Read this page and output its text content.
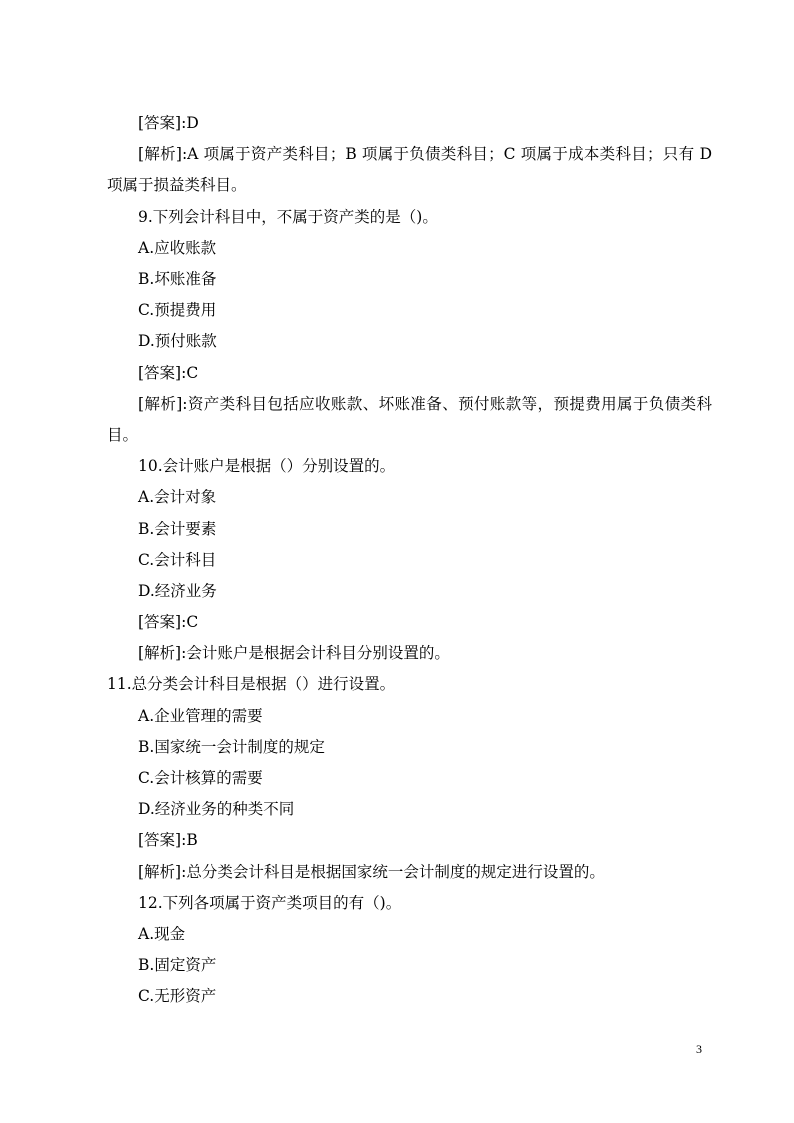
[答案]:D
[解析]:A 项属于资产类科目；B 项属于负债类科目；C 项属于成本类科目；只有 D 项属于损益类科目。
9.下列会计科目中，不属于资产类的是（)。
A.应收账款
B.坏账准备
C.预提费用
D.预付账款
[答案]:C
[解析]:资产类科目包括应收账款、坏账准备、预付账款等，预提费用属于负债类科目。
10.会计账户是根据（）分别设置的。
A.会计对象
B.会计要素
C.会计科目
D.经济业务
[答案]:C
[解析]:会计账户是根据会计科目分别设置的。
11.总分类会计科目是根据（）进行设置。
A.企业管理的需要
B.国家统一会计制度的规定
C.会计核算的需要
D.经济业务的种类不同
[答案]:B
[解析]:总分类会计科目是根据国家统一会计制度的规定进行设置的。
12.下列各项属于资产类项目的有（)。
A.现金
B.固定资产
C.无形资产
3
